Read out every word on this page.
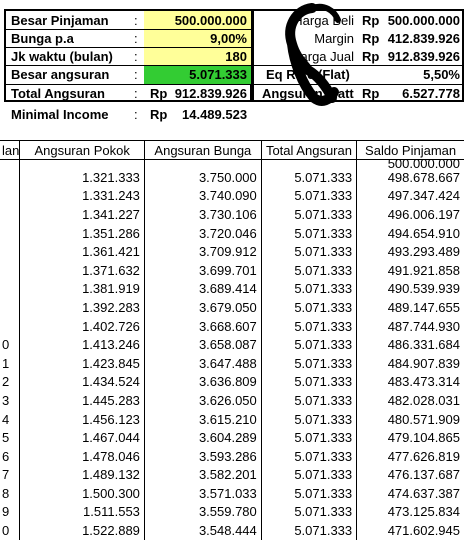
Besar Pinjaman :	500.000.000
Bunga p.a	:	9,00%
Jk waktu (bulan) :	180
Besar angsuran :	5.071.333
Total Angsuran : Rp 912.839.926
Minimal Income : Rp 14.489.523
Harga Beli Rp 500.000.000
Margin Rp 412.839.926
Harga Jual Rp 912.839.926
Eq Rate (Flat)	5,50%
Angsuran Flatt Rp	6.527.778
lan	Angsuran Pokok	Angsuran Bunga	Total Angsuran	Saldo Pinjaman
				500.000.000
	1.321.333	3.750.000	5.071.333	498.678.667
	1.331.243	3.740.090	5.071.333	497.347.424
	1.341.227	3.730.106	5.071.333	496.006.197
	1.351.286	3.720.046	5.071.333	494.654.910
	1.361.421	3.709.912	5.071.333	493.293.489
	1.371.632	3.699.701	5.071.333	491.921.858
	1.381.919	3.689.414	5.071.333	490.539.939
	1.392.283	3.679.050	5.071.333	489.147.655
	1.402.726	3.668.607	5.071.333	487.744.930
0	1.413.246	3.658.087	5.071.333	486.331.684
1	1.423.845	3.647.488	5.071.333	484.907.839
2	1.434.524	3.636.809	5.071.333	483.473.314
3	1.445.283	3.626.050	5.071.333	482.028.031
4	1.456.123	3.615.210	5.071.333	480.571.909
5	1.467.044	3.604.289	5.071.333	479.104.865
6	1.478.046	3.593.286	5.071.333	477.626.819
7	1.489.132	3.582.201	5.071.333	476.137.687
8	1.500.300	3.571.033	5.071.333	474.637.387
9	1.511.553	3.559.780	5.071.333	473.125.834
0	1.522.889	3.548.444	5.071.333	471.602.945
